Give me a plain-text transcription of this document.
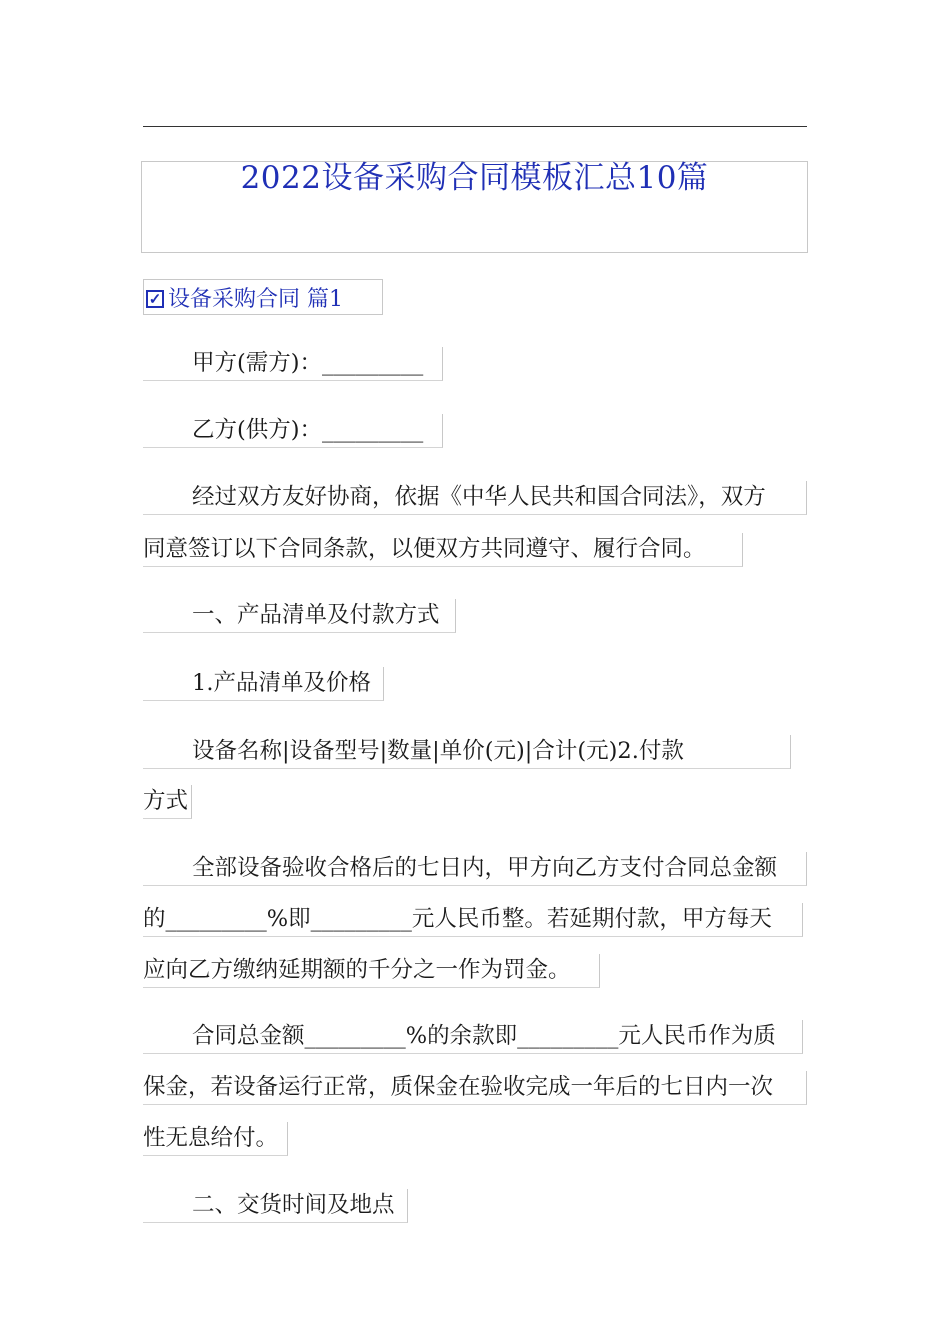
2022设备采购合同模板汇总10篇
✓ 设备采购合同 篇1
甲方(需方)：_________
乙方(供方)：_________
经过双方友好协商，依据《中华人民共和国合同法》，双方
同意签订以下合同条款，以便双方共同遵守、履行合同。
一、产品清单及付款方式
1.产品清单及价格
设备名称|设备型号|数量|单价(元)|合计(元)2.付款
方式
全部设备验收合格后的七日内，甲方向乙方支付合同总金额
的_________%即_________元人民币整。若延期付款，甲方每天
应向乙方缴纳延期额的千分之一作为罚金。
合同总金额_________%的余款即_________元人民币作为质
保金，若设备运行正常，质保金在验收完成一年后的七日内一次
性无息给付。
二、交货时间及地点
